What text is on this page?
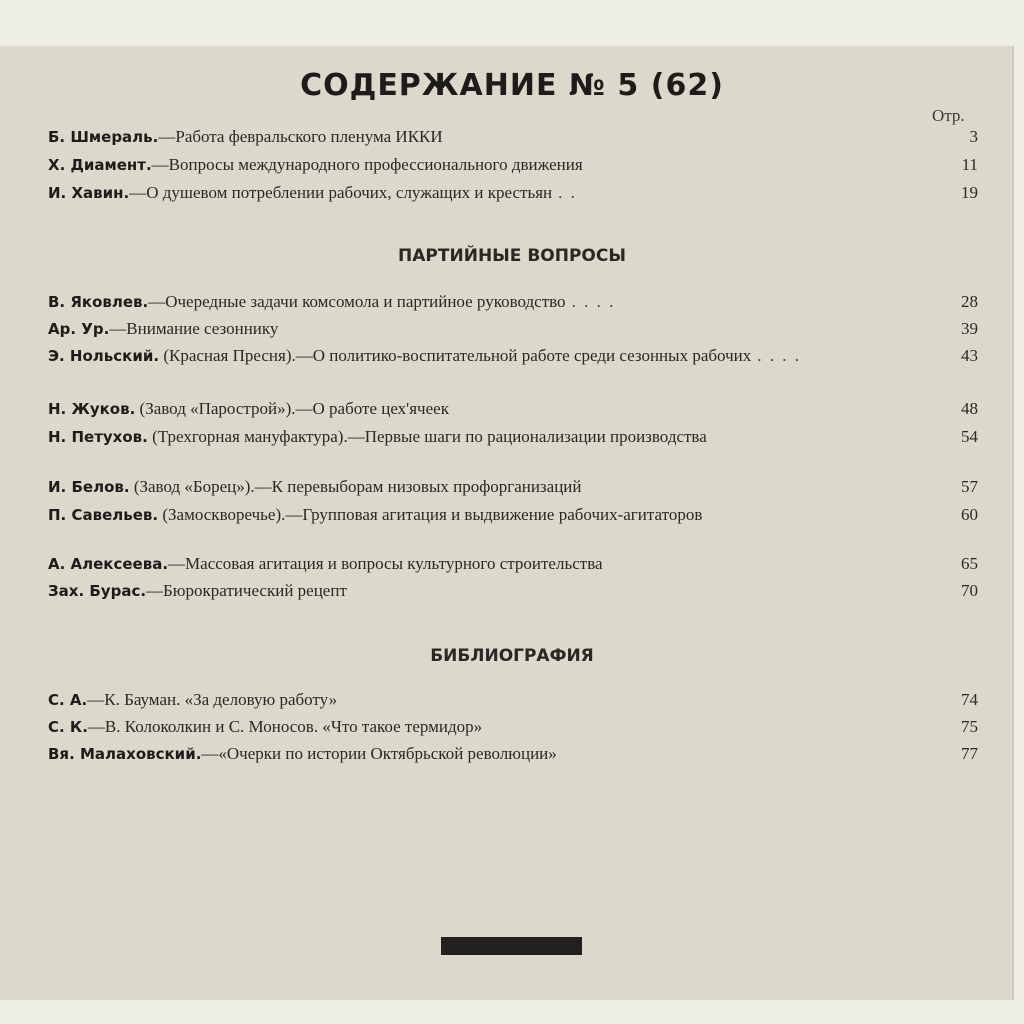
СОДЕРЖАНИЕ № 5 (62)
Отр.
Б. Шмераль.—Работа февральского пленума ИККИ	3
Х. Диамент.—Вопросы международного профессионального движения	11
И. Хавин.—О душевом потреблении рабочих, служащих и крестьян . .	19
ПАРТИЙНЫЕ ВОПРОСЫ
В. Яковлев.—Очередные задачи комсомола и партийное руководство . . . .	28
Ар. Ур.—Внимание сезоннику	39
Э. Нольский. (Красная Пресня).—О политико-воспитательной работе среди сезонных рабочих . . . .	43
Н. Жуков. (Завод «Парострой»).—О работе цех'ячеек	48
Н. Петухов. (Трехгорная мануфактура).—Первые шаги по рационализации производства	54
И. Белов. (Завод «Борец»).—К перевыборам низовых профорганизаций	57
П. Савельев. (Замоскворечье).—Групповая агитация и выдвижение рабочих-агитаторов	60
А. Алексеева.—Массовая агитация и вопросы культурного строительства	65
Зах. Бурас.—Бюрократический рецепт	70
БИБЛИОГРАФИЯ
С. А.—К. Бауман. «За деловую работу»	74
С. К.—В. Колоколкин и С. Моносов. «Что такое термидор»	75
Вя. Малаховский.—«Очерки по истории Октябрьской революции»	77
